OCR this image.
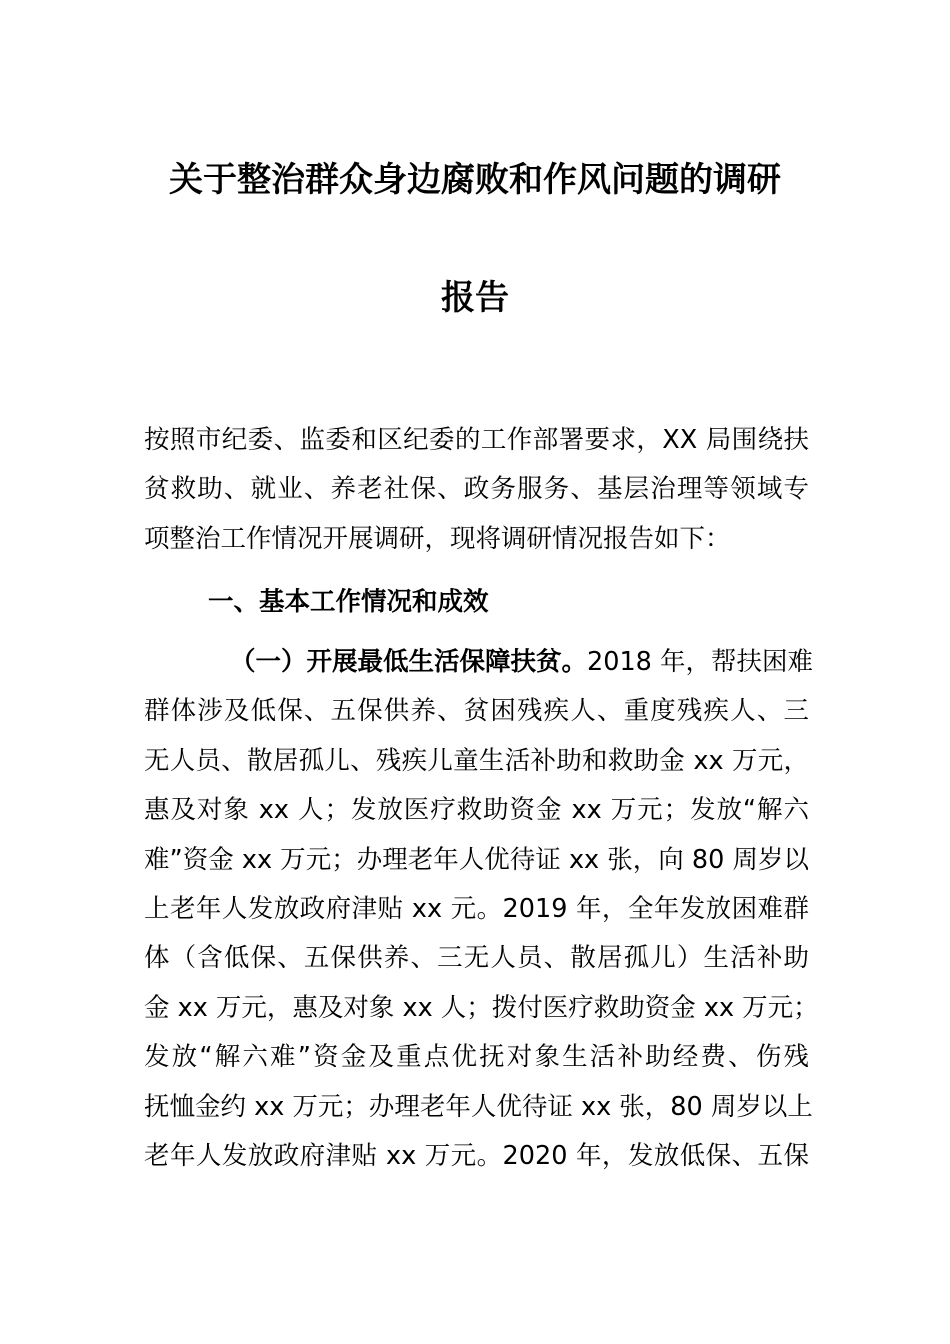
关于整治群众身边腐败和作风问题的调研
报告
按照市纪委、监委和区纪委的工作部署要求，XX 局围绕扶
贫救助、就业、养老社保、政务服务、基层治理等领域专
项整治工作情况开展调研，现将调研情况报告如下：
一、基本工作情况和成效
（一）开展最低生活保障扶贫。2018 年，帮扶困难
群体涉及低保、五保供养、贫困残疾人、重度残疾人、三
无人员、散居孤儿、残疾儿童生活补助和救助金 xx 万元，
惠及对象 xx 人；发放医疗救助资金 xx 万元；发放“解六
难”资金 xx 万元；办理老年人优待证 xx 张，向 80 周岁以
上老年人发放政府津贴 xx 元。2019 年，全年发放困难群
体（含低保、五保供养、三无人员、散居孤儿）生活补助
金 xx 万元，惠及对象 xx 人；拨付医疗救助资金 xx 万元；
发放“解六难”资金及重点优抚对象生活补助经费、伤残
抚恤金约 xx 万元；办理老年人优待证 xx 张，80 周岁以上
老年人发放政府津贴 xx 万元。2020 年，发放低保、五保
